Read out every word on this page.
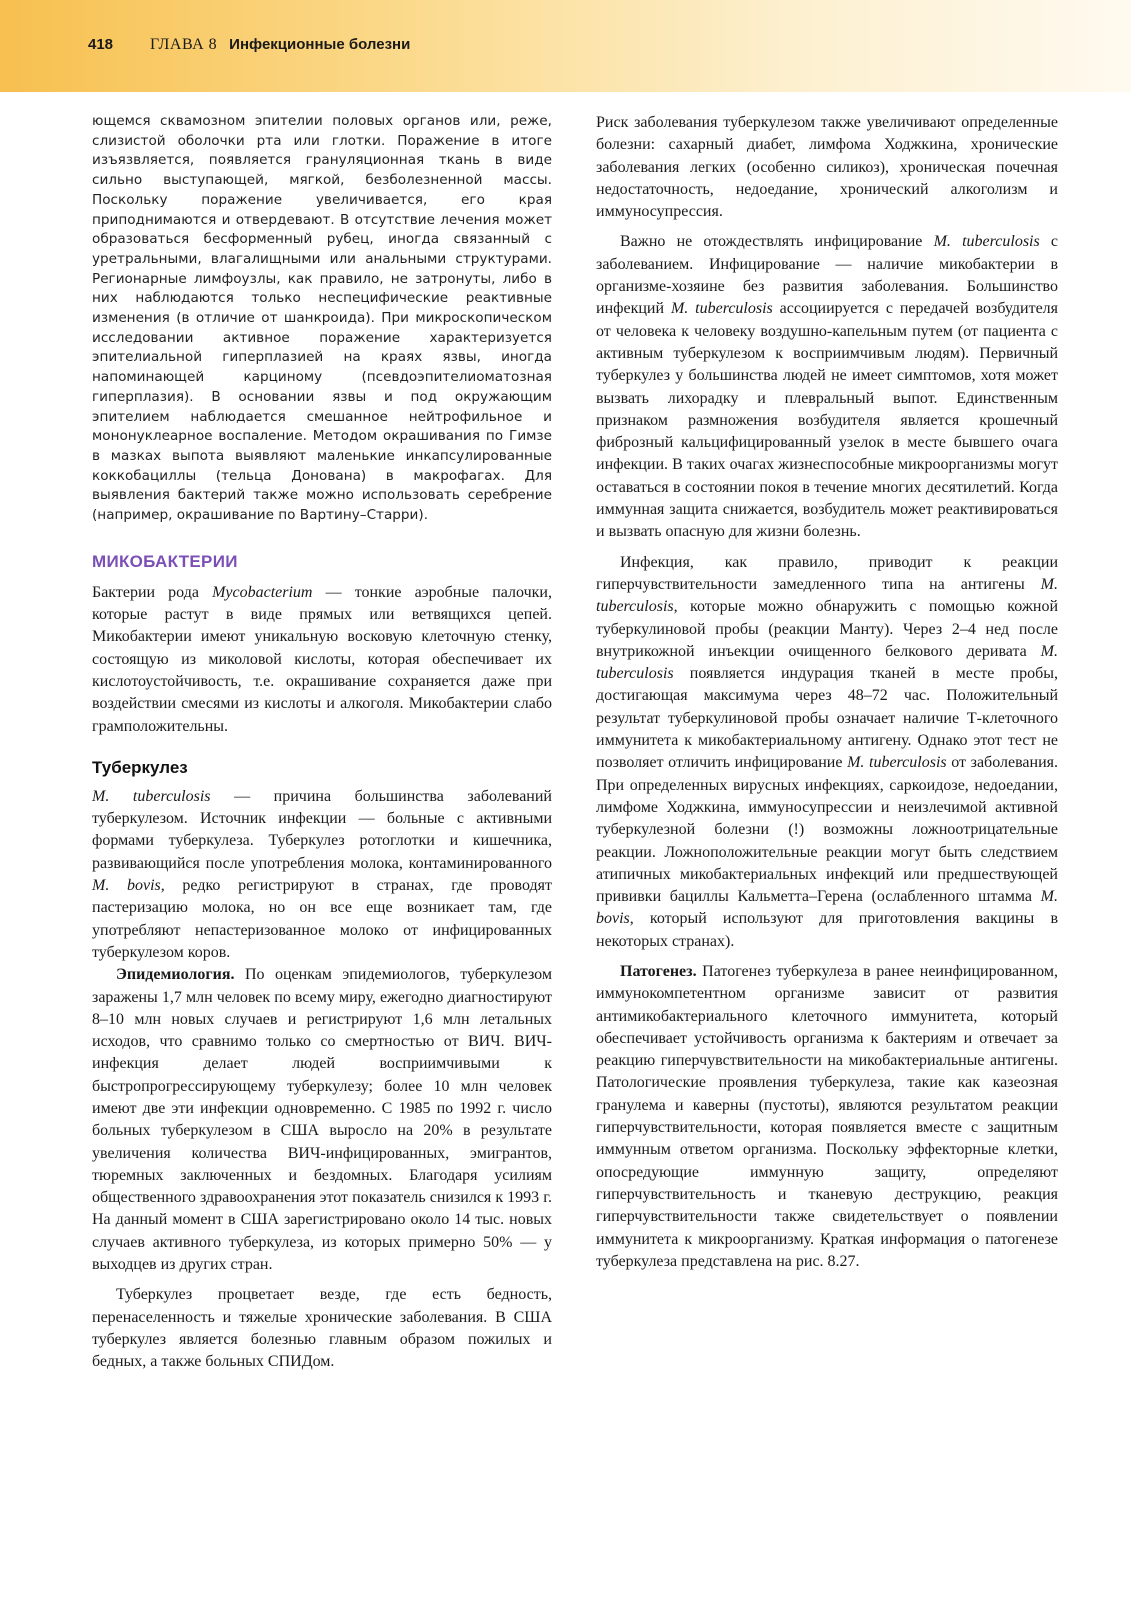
418	ГЛАВА 8 Инфекционные болезни

ющемся сквамозном эпителии половых органов или, реже, слизистой оболочки рта или глотки. Поражение в итоге изъязвляется, появляется грануляционная ткань в виде сильно выступающей, мягкой, безболезненной массы. Поскольку поражение увеличивается, его края приподнимаются и отвердевают. В отсутствие лечения может образоваться бесформенный рубец, иногда связанный с уретральными, влагалищными или анальными структурами. Регионарные лимфоузлы, как правило, не затронуты, либо в них наблюдаются только неспецифические реактивные изменения (в отличие от шанкроида). При микроскопическом исследовании активное поражение характеризуется эпителиальной гиперплазией на краях язвы, иногда напоминающей карциному (псевдоэпителиоматозная гиперплазия). В основании язвы и под окружающим эпителием наблюдается смешанное нейтрофильное и мононуклеарное воспаление. Методом окрашивания по Гимзе в мазках выпота выявляют маленькие инкапсулированные коккобациллы (тельца Донована) в макрофагах. Для выявления бактерий также можно использовать серебрение (например, окрашивание по Вартину–Старри).

МИКОБАКТЕРИИ

Бактерии рода Mycobacterium — тонкие аэробные палочки, которые растут в виде прямых или ветвящихся цепей. Микобактерии имеют уникальную восковую клеточную стенку, состоящую из миколовой кислоты, которая обеспечивает их кислотоустойчивость, т.е. окрашивание сохраняется даже при воздействии смесями из кислоты и алкоголя. Микобактерии слабо грамположительны.

Туберкулез

M. tuberculosis — причина большинства заболеваний туберкулезом. Источник инфекции — больные с активными формами туберкулеза. Туберкулез ротоглотки и кишечника, развивающийся после употребления молока, контаминированного M. bovis, редко регистрируют в странах, где проводят пастеризацию молока, но он все еще возникает там, где употребляют непастеризованное молоко от инфицированных туберкулезом коров.

Эпидемиология. По оценкам эпидемиологов, туберкулезом заражены 1,7 млн человек по всему миру, ежегодно диагностируют 8–10 млн новых случаев и регистрируют 1,6 млн летальных исходов, что сравнимо только со смертностью от ВИЧ. ВИЧ-инфекция делает людей восприимчивыми к быстропрогрессирующему туберкулезу; более 10 млн человек имеют две эти инфекции одновременно. С 1985 по 1992 г. число больных туберкулезом в США выросло на 20% в результате увеличения количества ВИЧ-инфицированных, эмигрантов, тюремных заключенных и бездомных. Благодаря усилиям общественного здравоохранения этот показатель снизился к 1993 г. На данный момент в США зарегистрировано около 14 тыс. новых случаев активного туберкулеза, из которых примерно 50% — у выходцев из других стран.

Туберкулез процветает везде, где есть бедность, перенаселенность и тяжелые хронические заболевания. В США туберкулез является болезнью главным образом пожилых и бедных, а также больных СПИДом.

Риск заболевания туберкулезом также увеличивают определенные болезни: сахарный диабет, лимфома Ходжкина, хронические заболевания легких (особенно силикоз), хроническая почечная недостаточность, недоедание, хронический алкоголизм и иммуносупрессия.

Важно не отождествлять инфицирование M. tuberculosis с заболеванием. Инфицирование — наличие микобактерии в организме-хозяине без развития заболевания. Большинство инфекций M. tuberculosis ассоциируется с передачей возбудителя от человека к человеку воздушно-капельным путем (от пациента с активным туберкулезом к восприимчивым людям). Первичный туберкулез у большинства людей не имеет симптомов, хотя может вызвать лихорадку и плевральный выпот. Единственным признаком размножения возбудителя является крошечный фиброзный кальцифицированный узелок в месте бывшего очага инфекции. В таких очагах жизнеспособные микроорганизмы могут оставаться в состоянии покоя в течение многих десятилетий. Когда иммунная защита снижается, возбудитель может реактивироваться и вызвать опасную для жизни болезнь.

Инфекция, как правило, приводит к реакции гиперчувствительности замедленного типа на антигены M. tuberculosis, которые можно обнаружить с помощью кожной туберкулиновой пробы (реакции Манту). Через 2–4 нед после внутрикожной инъекции очищенного белкового деривата M. tuberculosis появляется индурация тканей в месте пробы, достигающая максимума через 48–72 час. Положительный результат туберкулиновой пробы означает наличие Т-клеточного иммунитета к микобактериальному антигену. Однако этот тест не позволяет отличить инфицирование M. tuberculosis от заболевания. При определенных вирусных инфекциях, саркоидозе, недоедании, лимфоме Ходжкина, иммуносупрессии и неизлечимой активной туберкулезной болезни (!) возможны ложноотрицательные реакции. Ложноположительные реакции могут быть следствием атипичных микобактериальных инфекций или предшествующей прививки бациллы Кальметта–Герена (ослабленного штамма M. bovis, который используют для приготовления вакцины в некоторых странах).

Патогенез. Патогенез туберкулеза в ранее неинфицированном, иммунокомпетентном организме зависит от развития антимикобактериального клеточного иммунитета, который обеспечивает устойчивость организма к бактериям и отвечает за реакцию гиперчувствительности на микобактериальные антигены. Патологические проявления туберкулеза, такие как казеозная гранулема и каверны (пустоты), являются результатом реакции гиперчувствительности, которая появляется вместе с защитным иммунным ответом организма. Поскольку эффекторные клетки, опосредующие иммунную защиту, определяют гиперчувствительность и тканевую деструкцию, реакция гиперчувствительности также свидетельствует о появлении иммунитета к микроорганизму. Краткая информация о патогенезе туберкулеза представлена на рис. 8.27.
